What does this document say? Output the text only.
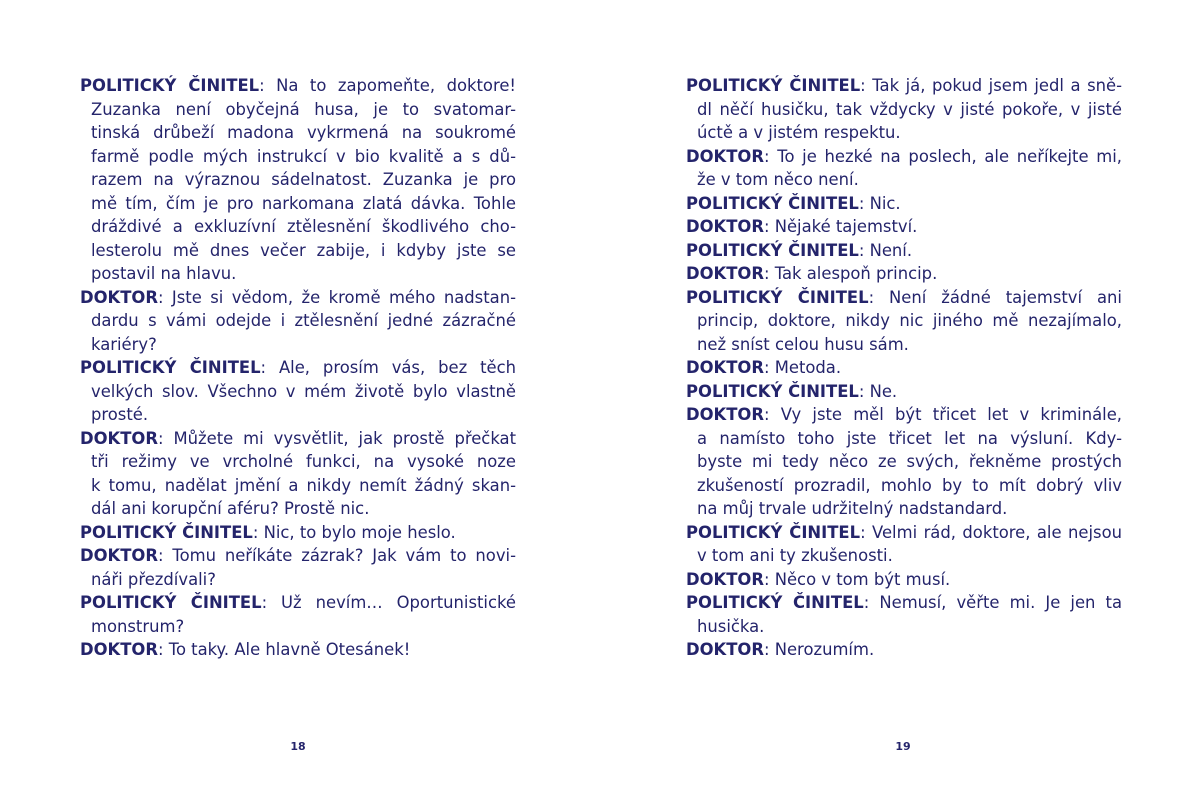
POLITICKÝ ČINITEL: Na to zapomeňte, doktore!
Zuzanka není obyčejná husa, je to svatomar-
tinská drůbeží madona vykrmená na soukromé
farmě podle mých instrukcí v bio kvalitě a s dů-
razem na výraznou sádelnatost. Zuzanka je pro
mě tím, čím je pro narkomana zlatá dávka. Tohle
dráždivé a exkluzívní ztělesnění škodlivého cho-
lesterolu mě dnes večer zabije, i kdyby jste se
postavil na hlavu.
DOKTOR: Jste si vědom, že kromě mého nadstan-
dardu s vámi odejde i ztělesnění jedné zázračné
kariéry?
POLITICKÝ ČINITEL: Ale, prosím vás, bez těch
velkých slov. Všechno v mém životě bylo vlastně
prosté.
DOKTOR: Můžete mi vysvětlit, jak prostě přečkat
tři režimy ve vrcholné funkci, na vysoké noze
k tomu, nadělat jmění a nikdy nemít žádný skan-
dál ani korupční aféru? Prostě nic.
POLITICKÝ ČINITEL: Nic, to bylo moje heslo.
DOKTOR: Tomu neříkáte zázrak? Jak vám to novi-
náři přezdívali?
POLITICKÝ ČINITEL: Už nevím… Oportunistické
monstrum?
DOKTOR: To taky. Ale hlavně Otesánek!
POLITICKÝ ČINITEL: Tak já, pokud jsem jedl a sně-
dl něčí husičku, tak vždycky v jisté pokoře, v jisté
úctě a v jistém respektu.
DOKTOR: To je hezké na poslech, ale neříkejte mi,
že v tom něco není.
POLITICKÝ ČINITEL: Nic.
DOKTOR: Nějaké tajemství.
POLITICKÝ ČINITEL: Není.
DOKTOR: Tak alespoň princip.
POLITICKÝ ČINITEL: Není žádné tajemství ani
princip, doktore, nikdy nic jiného mě nezajímalo,
než sníst celou husu sám.
DOKTOR: Metoda.
POLITICKÝ ČINITEL: Ne.
DOKTOR: Vy jste měl být třicet let v kriminále,
a namísto toho jste třicet let na výsluní. Kdy-
byste mi tedy něco ze svých, řekněme prostých
zkušeností prozradil, mohlo by to mít dobrý vliv
na můj trvale udržitelný nadstandard.
POLITICKÝ ČINITEL: Velmi rád, doktore, ale nejsou
v tom ani ty zkušenosti.
DOKTOR: Něco v tom být musí.
POLITICKÝ ČINITEL: Nemusí, věřte mi. Je jen ta
husička.
DOKTOR: Nerozumím.
18	19
